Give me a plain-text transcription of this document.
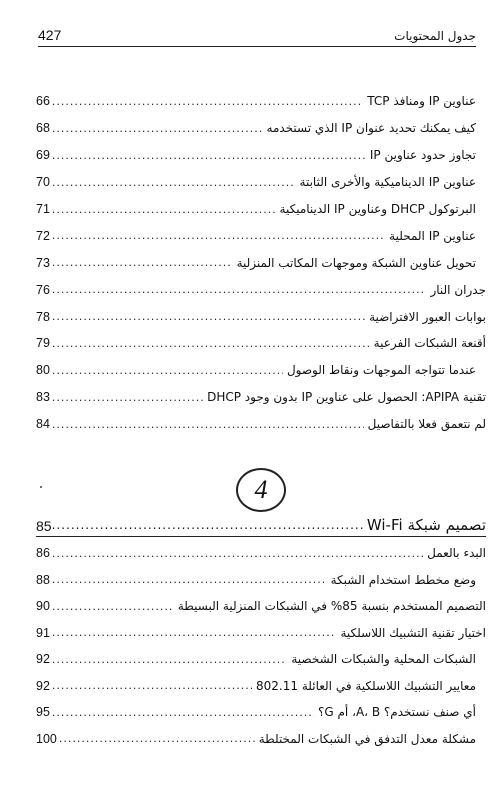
427	جدول المحتويات
عناوين IP ومنافذ TCP
.....
66
كيف يمكنك تحديد عنوان IP الذي تستخدمه
.....
68
تجاوز حدود عناوين IP
.....
69
عناوين IP الديناميكية والأخرى الثابتة
.....
70
البرتوكول DHCP وعناوين IP الديناميكية
.....
71
عناوين IP المحلية
.....
72
تحويل عناوين الشبكة وموجهات المكاتب المنزلية
.....
73
جدران النار
.....
76
بوابات العبور الافتراضية
.....
78
أقنعة الشبكات الفرعية
.....
79
عندما تتواجه الموجهات ونقاط الوصول
.....
80
تقنية APIPA: الحصول على عناوين IP بدون وجود DHCP
.....
83
لم نتعمق فعلا بالتفاصيل
.....
84
4
تصميم شبكة Wi-Fi
.....
85
البدء بالعمل
.....
86
وضع مخطط استخدام الشبكة
.....
88
التصميم المستخدم بنسبة 85% في الشبكات المنزلية البسيطة
.....
90
اختيار تقنية التشبيك اللاسلكية
.....
91
الشبكات المحلية والشبكات الشخصية
.....
92
معايير التشبيك اللاسلكية في العائلة 802.11
.....
92
أي صنف نستخدم؟ A، B، أم G؟
.....
95
مشكلة معدل التدفق في الشبكات المختلطة
.....
100
